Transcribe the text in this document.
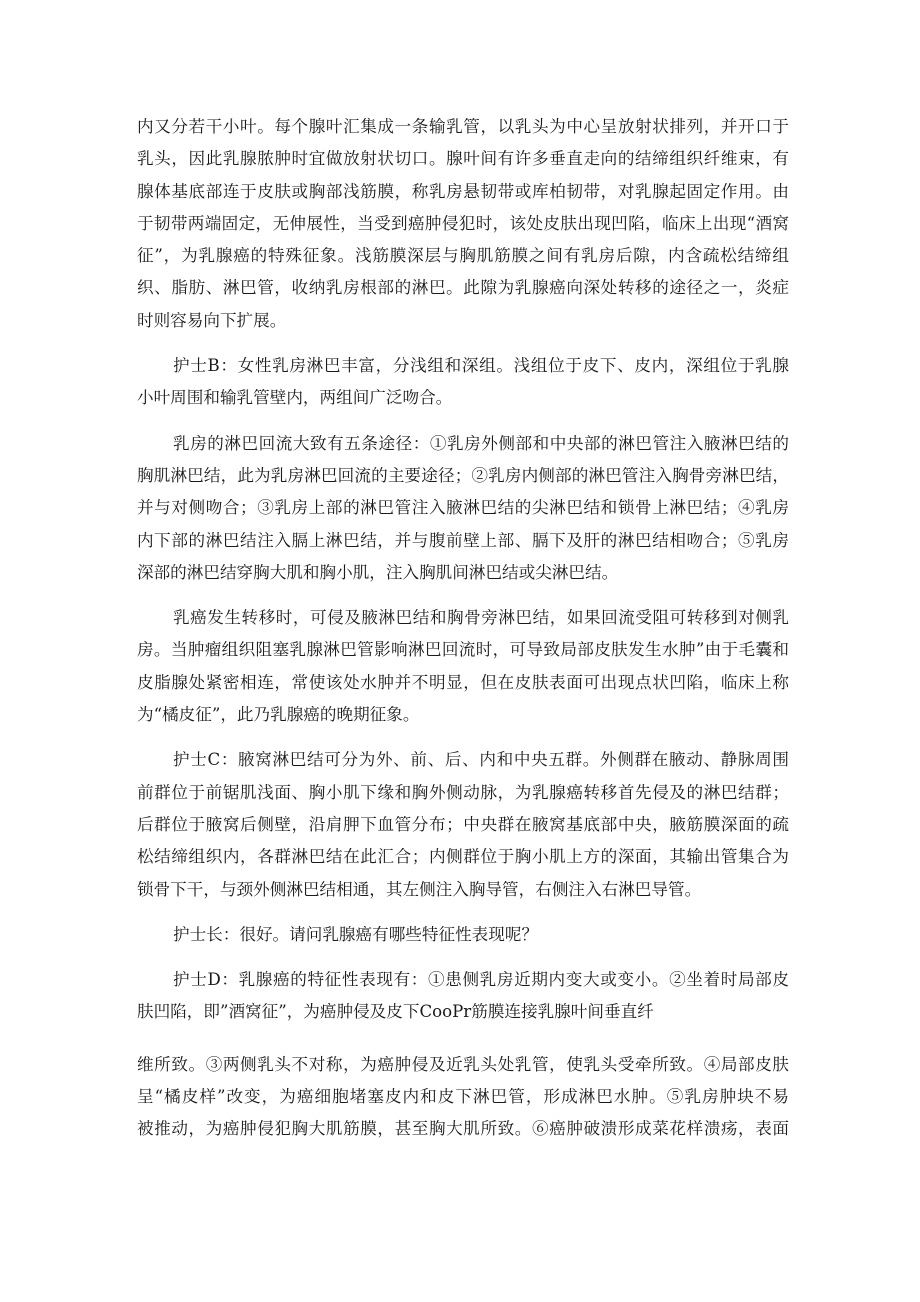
内又分若干小叶。每个腺叶汇集成一条输乳管，以乳头为中心呈放射状排列，并开口于
乳头，因此乳腺脓肿时宜做放射状切口。腺叶间有许多垂直走向的结缔组织纤维束，有
腺体基底部连于皮肤或胸部浅筋膜，称乳房悬韧带或库柏韧带，对乳腺起固定作用。由
于韧带两端固定，无伸展性，当受到癌肿侵犯时，该处皮肤出现凹陷，临床上出现“酒窝
征”，为乳腺癌的特殊征象。浅筋膜深层与胸肌筋膜之间有乳房后隙，内含疏松结缔组
织、脂肪、淋巴管，收纳乳房根部的淋巴。此隙为乳腺癌向深处转移的途径之一，炎症
时则容易向下扩展。
护士B：女性乳房淋巴丰富，分浅组和深组。浅组位于皮下、皮内，深组位于乳腺
小叶周围和输乳管壁内，两组间广泛吻合。
乳房的淋巴回流大致有五条途径：①乳房外侧部和中央部的淋巴管注入腋淋巴结的
胸肌淋巴结，此为乳房淋巴回流的主要途径；②乳房内侧部的淋巴管注入胸骨旁淋巴结，
并与对侧吻合；③乳房上部的淋巴管注入腋淋巴结的尖淋巴结和锁骨上淋巴结；④乳房
内下部的淋巴结注入膈上淋巴结，并与腹前壁上部、膈下及肝的淋巴结相吻合；⑤乳房
深部的淋巴结穿胸大肌和胸小肌，注入胸肌间淋巴结或尖淋巴结。
乳癌发生转移时，可侵及腋淋巴结和胸骨旁淋巴结，如果回流受阻可转移到对侧乳
房。当肿瘤组织阻塞乳腺淋巴管影响淋巴回流时，可导致局部皮肤发生水肿”由于毛囊和
皮脂腺处紧密相连，常使该处水肿并不明显，但在皮肤表面可出现点状凹陷，临床上称
为“橘皮征”，此乃乳腺癌的晚期征象。
护士C：腋窝淋巴结可分为外、前、后、内和中央五群。外侧群在腋动、静脉周围
前群位于前锯肌浅面、胸小肌下缘和胸外侧动脉，为乳腺癌转移首先侵及的淋巴结群；
后群位于腋窝后侧壁，沿肩胛下血管分布；中央群在腋窝基底部中央，腋筋膜深面的疏
松结缔组织内，各群淋巴结在此汇合；内侧群位于胸小肌上方的深面，其输出管集合为
锁骨下干，与颈外侧淋巴结相通，其左侧注入胸导管，右侧注入右淋巴导管。
护士长：很好。请问乳腺癌有哪些特征性表现呢？
护士D：乳腺癌的特征性表现有：①患侧乳房近期内变大或变小。②坐着时局部皮
肤凹陷，即”酒窝征”，为癌肿侵及皮下CooPr筋膜连接乳腺叶间垂直纤
维所致。③两侧乳头不对称，为癌肿侵及近乳头处乳管，使乳头受牵所致。④局部皮肤
呈“橘皮样”改变，为癌细胞堵塞皮内和皮下淋巴管，形成淋巴水肿。⑤乳房肿块不易
被推动，为癌肿侵犯胸大肌筋膜，甚至胸大肌所致。⑥癌肿破溃形成菜花样溃疡，表面
